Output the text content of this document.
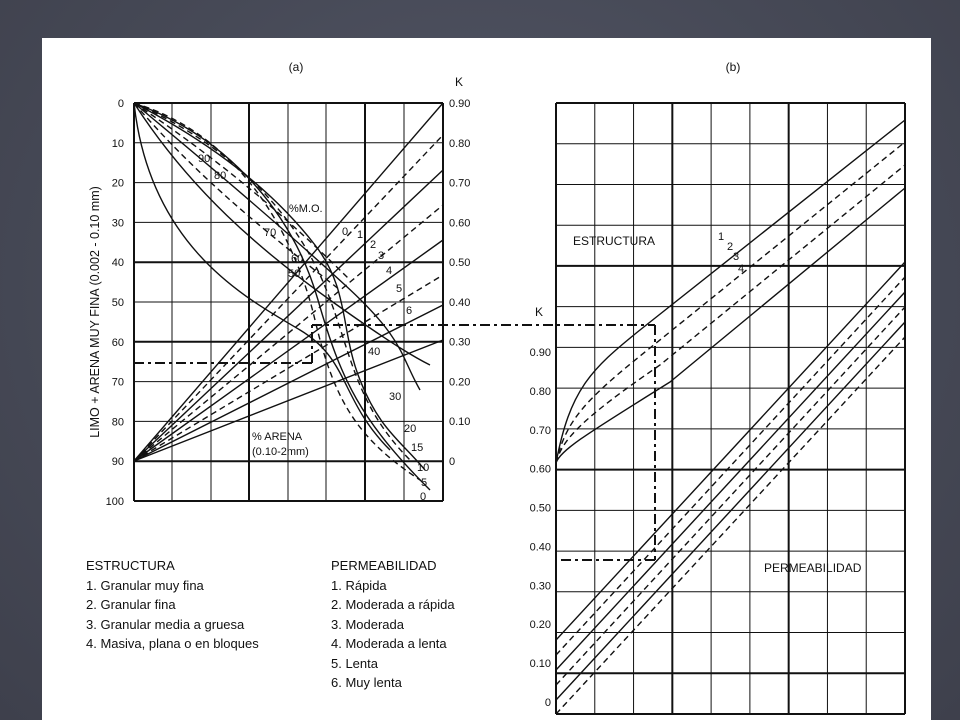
(a)
K
0
10
20
30
40
50
60
70
80
90
100
0.90
0.80
0.70
0.60
0.50
0.40
0.30
0.20
0.10
0
LIMO + ARENA MUY FINA (0.002 - 0.10 mm)
90
80
70
60
50
40
30
20
15
10
5
0
0 1
2
3
4
5
6
%M.O.
% ARENA
(0.10-2mm)
(b)
K
0.90
0.80
0.70
0.60
0.50
0.40
0.30
0.20
0.10
0
ESTRUCTURA	1
2
3
4
PERMEABILIDAD
ESTRUCTURA
1. Granular muy fina
2. Granular fina
3. Granular media a gruesa
4. Masiva, plana o en bloques
PERMEABILIDAD
1. Rápida
2. Moderada a rápida
3. Moderada
4. Moderada a lenta
5. Lenta
6. Muy lenta
